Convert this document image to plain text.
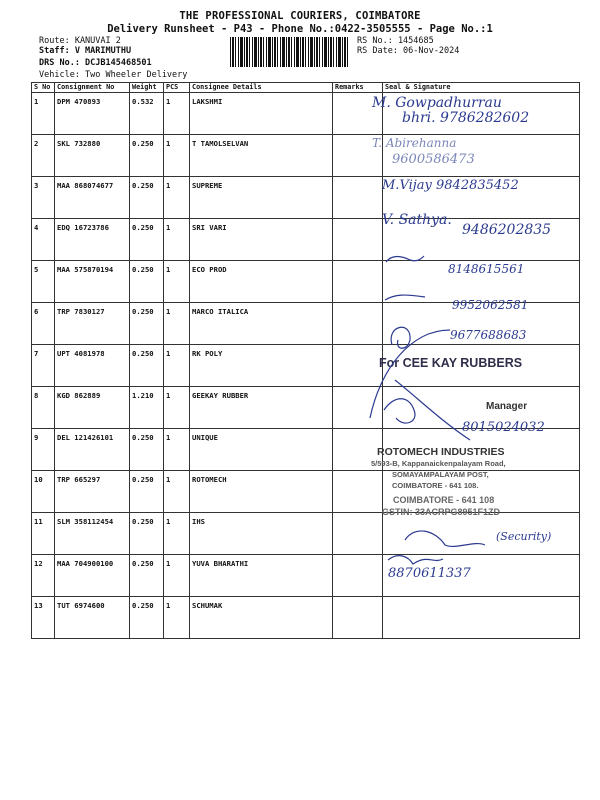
THE PROFESSIONAL COURIERS, COIMBATORE
Delivery Runsheet - P43 - Phone No.:0422-3505555 - Page No.:1
Route: KANUVAI 2
Staff: V MARIMUTHU
DRS No.: DCJB145468501
Vehicle: Two Wheeler Delivery
RS No.: 1454685
RS Date: 06-Nov-2024
S No	Consignment No	Weight	PCS	Consignee Details	Remarks	Seal & Signature
1	DPM 470893	0.532	1	LAKSHMI		
2	SKL 732880	0.250	1	T TAMOLSELVAN		
3	MAA 868074677	0.250	1	SUPREME		
4	EDQ 16723786	0.250	1	SRI VARI		
5	MAA 575870194	0.250	1	ECO PROD		
6	TRP 7830127	0.250	1	MARCO ITALICA		
7	UPT 4081978	0.250	1	RK POLY		
8	KGD 862889	1.210	1	GEEKAY RUBBER		
9	DEL 121426101	0.250	1	UNIQUE		
10	TRP 665297	0.250	1	ROTOMECH		
11	SLM 358112454	0.250	1	IHS		
12	MAA 704900100	0.250	1	YUVA BHARATHI		
13	TUT 6974600	0.250	1	SCHUMAK		
M. Gowpadhurrau
bhri. 9786282602
T. Abirehanna
9600586473
M.Vijay 9842835452
V. Sathya.
9486202835
8148615561
9952062581
9677688683
For CEE KAY RUBBERS
Manager
8015024032
ROTOMECH INDUSTRIES
5/593-B, Kappanaickenpalayam Road,
SOMAYAMPALAYAM POST,
COIMBATORE - 641 108.
COIMBATORE - 641 108
GSTIN: 33ACRPG8951F1ZD
(Security)
8870611337
